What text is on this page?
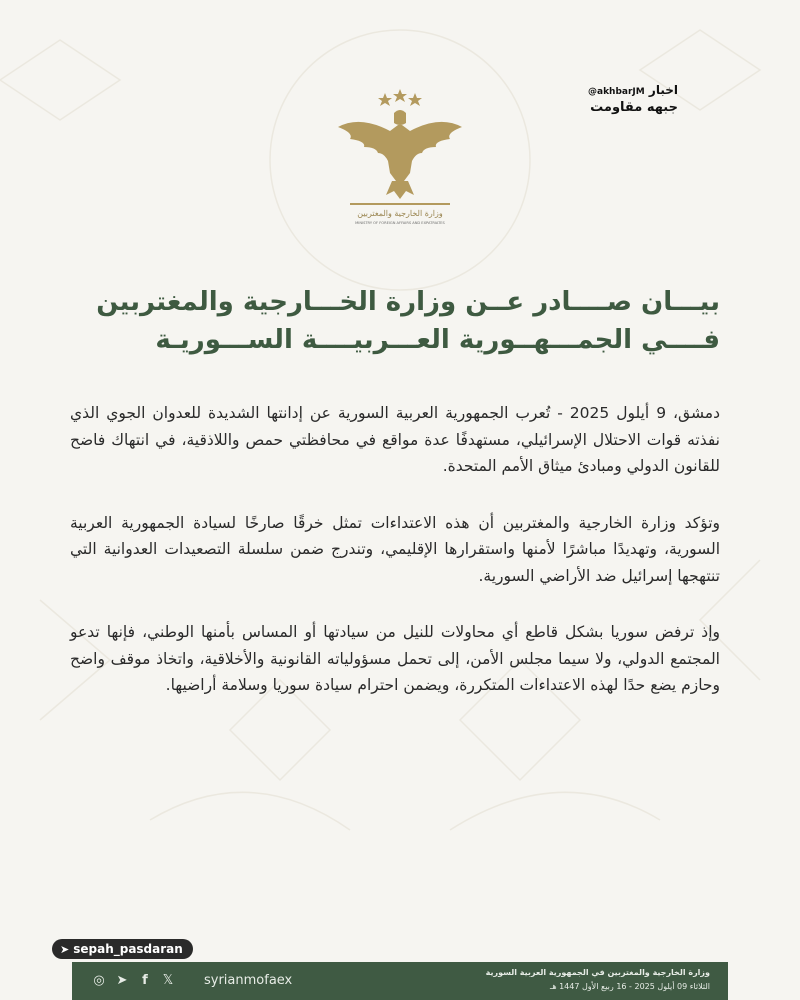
اخبار @akhbarJM
جبهه مقاومت
وزارة الخارجية والمغتربين
MINISTRY OF FOREIGN AFFAIRS AND EXPATRIATES
بيـــان صــــادر عــن وزارة الخـــارجية والمغتربين
فــــي الجمـــهــورية العـــربيــــة الســـوريـة

دمشق، 9 أيلول 2025 - تُعرب الجمهورية العربية السورية عن إدانتها الشديدة للعدوان الجوي الذي نفذته قوات الاحتلال الإسرائيلي، مستهدفًا عدة مواقع في محافظتي حمص واللاذقية، في انتهاك فاضح للقانون الدولي ومبادئ ميثاق الأمم المتحدة.

وتؤكد وزارة الخارجية والمغتربين أن هذه الاعتداءات تمثل خرقًا صارخًا لسيادة الجمهورية العربية السورية، وتهديدًا مباشرًا لأمنها واستقرارها الإقليمي، وتندرج ضمن سلسلة التصعيدات العدوانية التي تنتهجها إسرائيل ضد الأراضي السورية.

وإذ ترفض سوريا بشكل قاطع أي محاولات للنيل من سيادتها أو المساس بأمنها الوطني، فإنها تدعو المجتمع الدولي، ولا سيما مجلس الأمن، إلى تحمل مسؤولياته القانونية والأخلاقية، واتخاذ موقف واضح وحازم يضع حدًا لهذه الاعتداءات المتكررة، ويضمن احترام سيادة سوريا وسلامة أراضيها.

➤ sepah_pasdaran
◎ ➤	f	𝕏 syrianmofaex
وزارة الخارجية والمغتربين في الجمهورية العربية السورية
الثلاثاء 09 أيلول 2025 - 16 ربيع الأول 1447 هـ
